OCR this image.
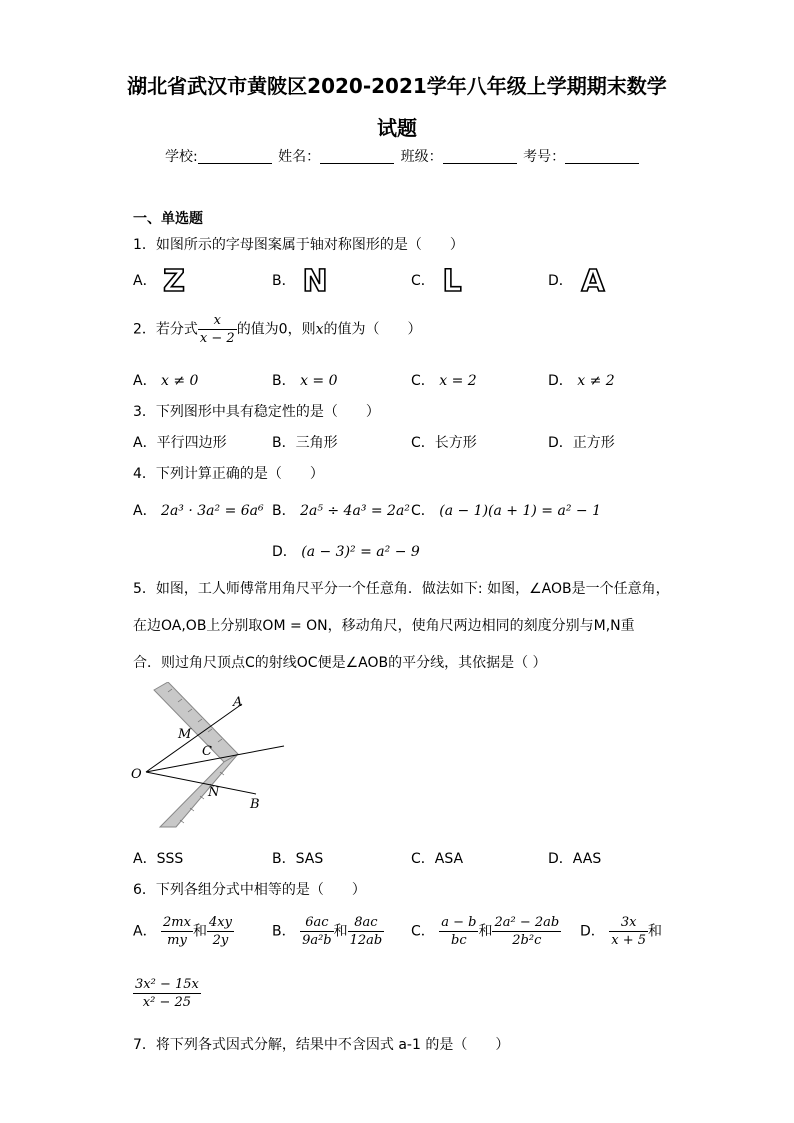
湖北省武汉市黄陂区2020-2021学年八年级上学期期末数学
试题
学校:	姓名：	班级：	考号：
一、单选题
1．如图所示的字母图案属于轴对称图形的是（　　）
A． Z	B． N	C． L	D． A
2．若分式 $\frac{x}{x - 2}$ 的值为0，则x的值为（　　）
A． x ≠ 0	B． x = 0	C． x = 2	D． x ≠ 2
3．下列图形中具有稳定性的是（　　）
A．平行四边形	B．三角形	C．长方形	D．正方形
4．下列计算正确的是（　　）
A． 2a³ · 3a² = 6a⁶ B． 2a⁵ ÷ 4a³ = 2a² C． (a − 1)(a + 1) = a² − 1
D． (a − 3)² = a² − 9
5．如图，工人师傅常用角尺平分一个任意角．做法如下: 如图，∠AOB是一个任意角，
在边OA,OB上分别取OM = ON，移动角尺，使角尺两边相同的刻度分别与M,N重
合．则过角尺顶点C的射线OC便是∠AOB的平分线，其依据是（ ）
O
A
B
M
N
C
A．SSS	B．SAS	C．ASA	D．AAS
6．下列各组分式中相等的是（　　）
A． $\frac{2mx}{my}$ 和 $\frac{4xy}{2y}$	B． $\frac{6ac}{\text{9a²b}}$ 和 $\frac{8ac}{12ab}$ C． $\frac{a - b}{bc}$ 和 $\frac{\text{2a² − 2ab}}{\text{2b²c}}$ D． $\frac{3x}{x + 5}$ 和
$\frac{\text{3x² − 15x}}{\text{x² − 25}}$
7．将下列各式因式分解，结果中不含因式 a-1 的是（　　）
